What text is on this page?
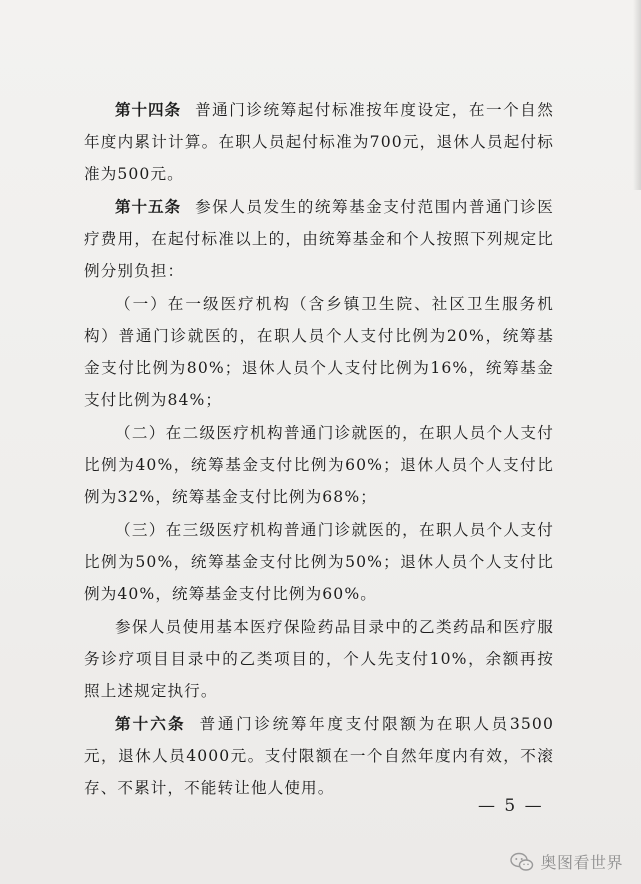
第十四条 普通门诊统筹起付标准按年度设定，在一个自然年度内累计计算。在职人员起付标准为700元，退休人员起付标准为500元。

第十五条 参保人员发生的统筹基金支付范围内普通门诊医疗费用，在起付标准以上的，由统筹基金和个人按照下列规定比例分别负担：

（一）在一级医疗机构（含乡镇卫生院、社区卫生服务机构）普通门诊就医的，在职人员个人支付比例为20%，统筹基金支付比例为80%；退休人员个人支付比例为16%，统筹基金支付比例为84%；

（二）在二级医疗机构普通门诊就医的，在职人员个人支付比例为40%，统筹基金支付比例为60%；退休人员个人支付比例为32%，统筹基金支付比例为68%；

（三）在三级医疗机构普通门诊就医的，在职人员个人支付比例为50%，统筹基金支付比例为50%；退休人员个人支付比例为40%，统筹基金支付比例为60%。

参保人员使用基本医疗保险药品目录中的乙类药品和医疗服务诊疗项目目录中的乙类项目的，个人先支付10%，余额再按照上述规定执行。

第十六条 普通门诊统筹年度支付限额为在职人员3500元，退休人员4000元。支付限额在一个自然年度内有效，不滚存、不累计，不能转让他人使用。

— 5 —
奥图看世界
